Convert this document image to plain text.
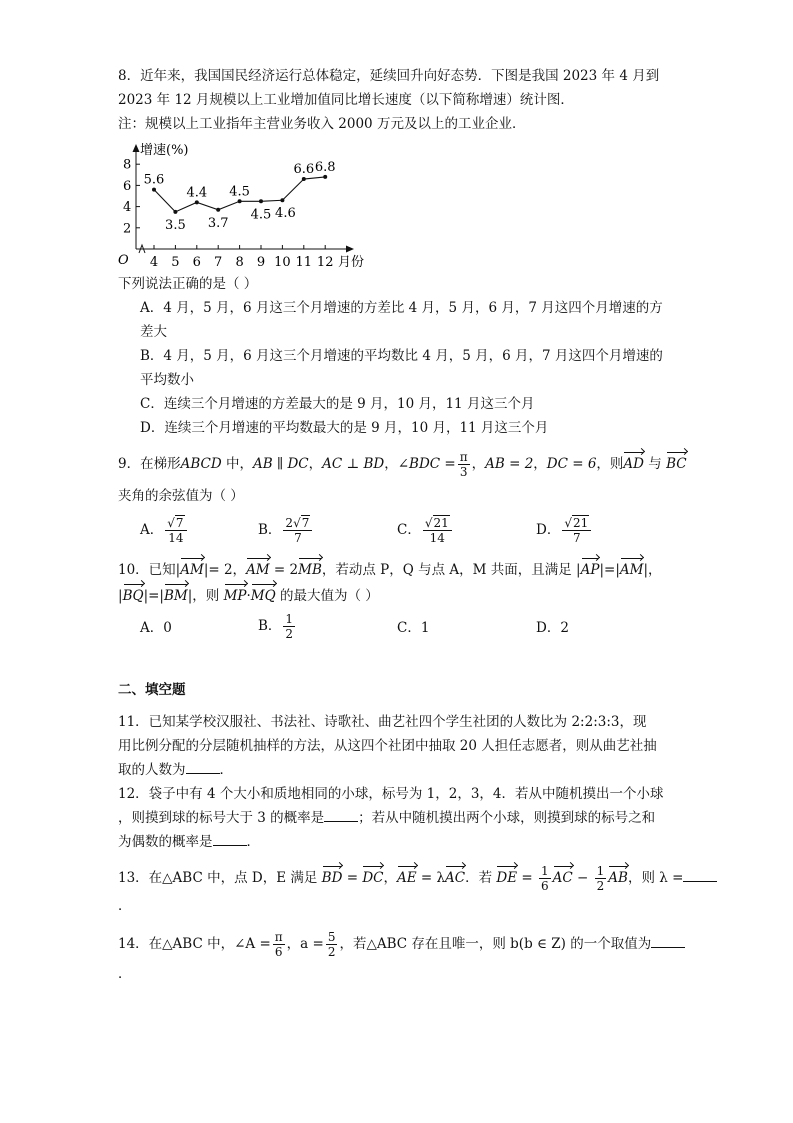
8．近年来，我国国民经济运行总体稳定，延续回升向好态势．下图是我国 2023 年 4 月到
2023 年 12 月规模以上工业增加值同比增长速度（以下简称增速）统计图．
注：规模以上工业指年主营业务收入 2000 万元及以上的工业企业．
增速(%)
月份
O
2
4
6
8
4 5 6 7 8 9 10 11 12
5.6
3.5
4.4
3.7
4.5
4.5 4.6
6.6 6.8
下列说法正确的是（ ）
A．4 月，5 月，6 月这三个月增速的方差比 4 月，5 月，6 月，7 月这四个月增速的方
差大
B．4 月，5 月，6 月这三个月增速的平均数比 4 月，5 月，6 月，7 月这四个月增速的
平均数小
C．连续三个月增速的方差最大的是 9 月，10 月，11 月这三个月
D．连续三个月增速的平均数最大的是 9 月，10 月，11 月这三个月
9．在梯形ABCD 中，AB ∥ DC，AC ⊥ BD，∠BDC = $\frac{\pi}{3}$ ，AB = 2，DC = 6，则AD 与 BC
夹角的余弦值为（ ）
A． $\frac{√7}{14}$	B． $\frac{2√7}{7}$	C． $\frac{√21}{14}$	D． $\frac{√21}{7}$
10．已知|AM|= 2，AM = 2MB，若动点 P，Q 与点 A，M 共面，且满足 |AP|=|AM|，
|BQ|=|BM|，则 MP·MQ 的最大值为（ ）
A．0	B． $\frac{1}{2}$	C．1	D．2
二、填空题
11．已知某学校汉服社、书法社、诗歌社、曲艺社四个学生社团的人数比为 2:2:3:3，现
用比例分配的分层随机抽样的方法，从这四个社团中抽取 20 人担任志愿者，则从曲艺社抽
取的人数为	．
12．袋子中有 4 个大小和质地相同的小球，标号为 1，2，3，4．若从中随机摸出一个小球
，则摸到球的标号大于 3 的概率是	；若从中随机摸出两个小球，则摸到球的标号之和
为偶数的概率是	．
13．在△ABC 中，点 D，E 满足 BD = DC，AE = λAC．若 DE = $\frac{1}{6}$ AC − $\frac{1}{2}$ AB，则 λ =
．
14．在△ABC 中，∠A = $\frac{\pi}{6}$ ，$a = \frac{5}{2}$ ，若△ABC 存在且唯一，则 b(b ∈ Z) 的一个取值为
．
